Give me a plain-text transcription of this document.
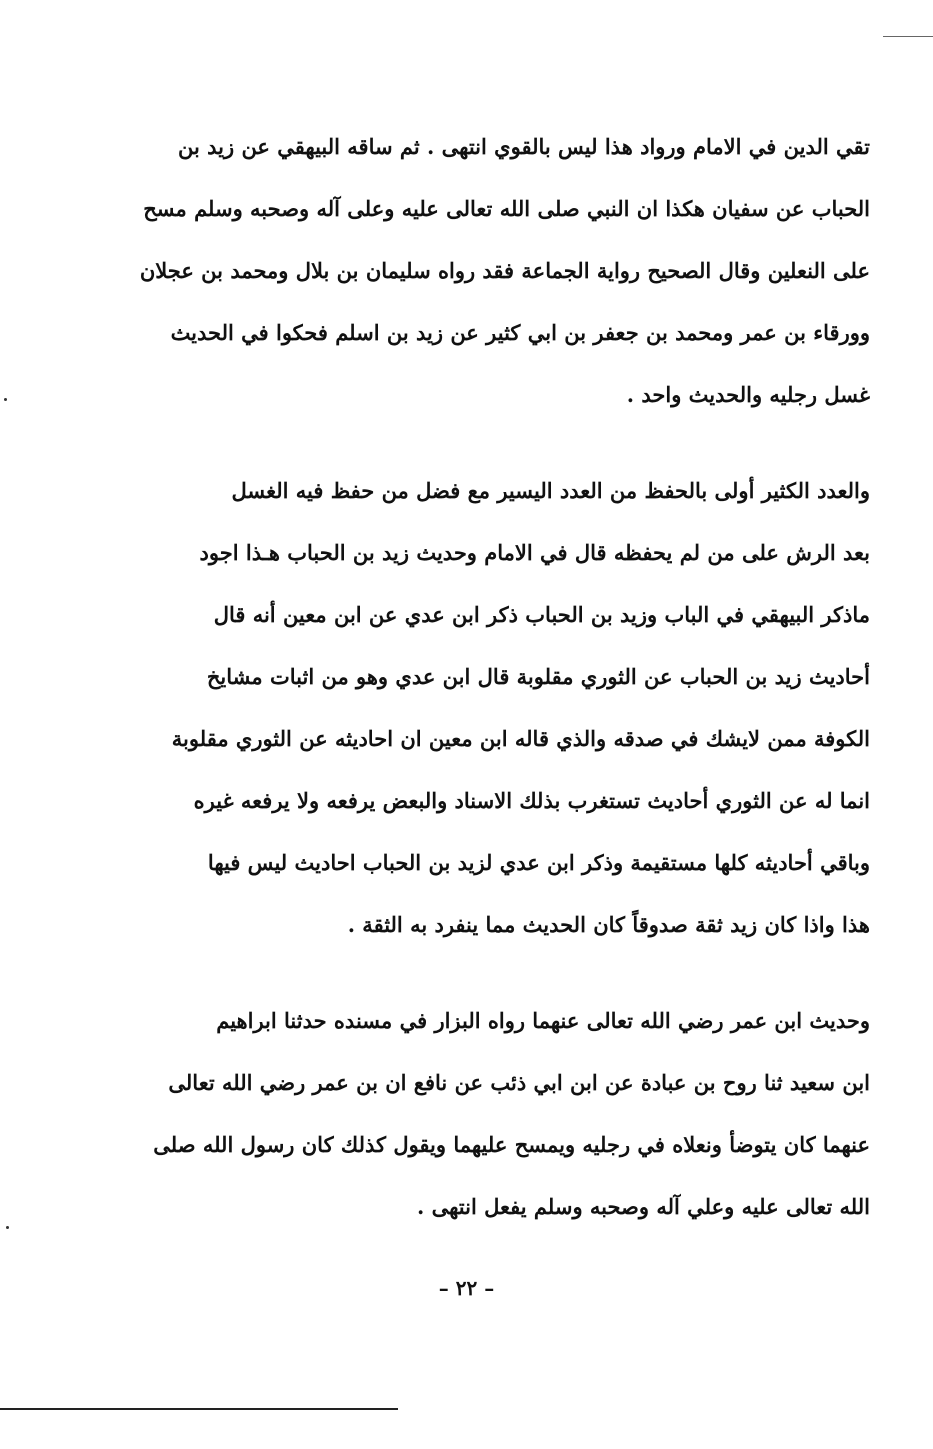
تقي الدين في الامام ورواد هذا ليس بالقوي انتهى . ثم ساقه البيهقي عن زيد بن
الحباب عن سفيان هكذا ان النبي صلى الله تعالى عليه وعلى آله وصحبه وسلم مسح
على النعلين وقال الصحيح رواية الجماعة فقد رواه سليمان بن بلال ومحمد بن عجلان
وورقاء بن عمر ومحمد بن جعفر بن ابي كثير عن زيد بن اسلم فحكوا في الحديث
غسل رجليه والحديث واحد .
والعدد الكثير أولى بالحفظ من العدد اليسير مع فضل من حفظ فيه الغسل
بعد الرش على من لم يحفظه قال في الامام وحديث زيد بن الحباب هـذا اجود
ماذكر البيهقي في الباب وزيد بن الحباب ذكر ابن عدي عن ابن معين أنه قال
أحاديث زيد بن الحباب عن الثوري مقلوبة قال ابن عدي وهو من اثبات مشايخ
الكوفة ممن لايشك في صدقه والذي قاله ابن معين ان احاديثه عن الثوري مقلوبة
انما له عن الثوري أحاديث تستغرب بذلك الاسناد والبعض يرفعه ولا يرفعه غيره
وباقي أحاديثه كلها مستقيمة وذكر ابن عدي لزيد بن الحباب احاديث ليس فيها
هذا واذا كان زيد ثقة صدوقاً كان الحديث مما ينفرد به الثقة .
وحديث ابن عمر رضي الله تعالى عنهما رواه البزار في مسنده حدثنا ابراهيم
ابن سعيد ثنا روح بن عبادة عن ابن ابي ذئب عن نافع ان بن عمر رضي الله تعالى
عنهما كان يتوضأ ونعلاه في رجليه ويمسح عليهما ويقول كذلك كان رسول الله صلى
الله تعالى عليه وعلي آله وصحبه وسلم يفعل انتهى .
– ٢٢ –
